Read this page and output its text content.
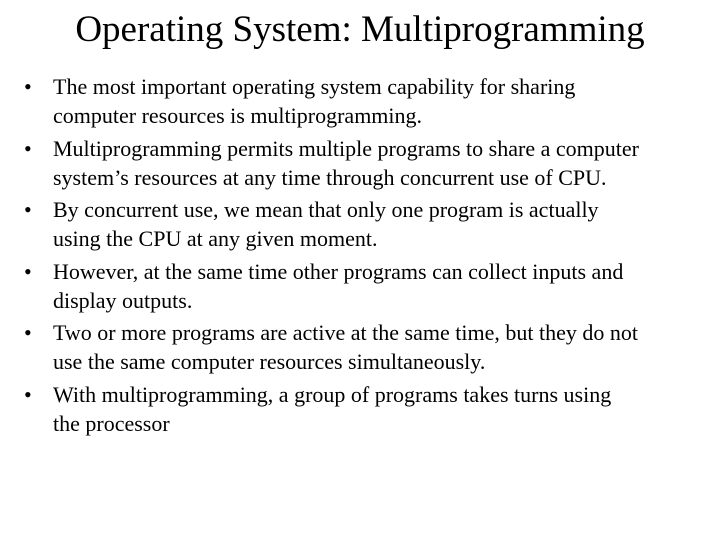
Operating System: Multiprogramming
• The most important operating system capability for sharing
computer resources is multiprogramming.
• Multiprogramming permits multiple programs to share a computer
system’s resources at any time through concurrent use of CPU.
• By concurrent use, we mean that only one program is actually
using the CPU at any given moment.
• However, at the same time other programs can collect inputs and
display outputs.
• Two or more programs are active at the same time, but they do not
use the same computer resources simultaneously.
• With multiprogramming, a group of programs takes turns using
the processor
